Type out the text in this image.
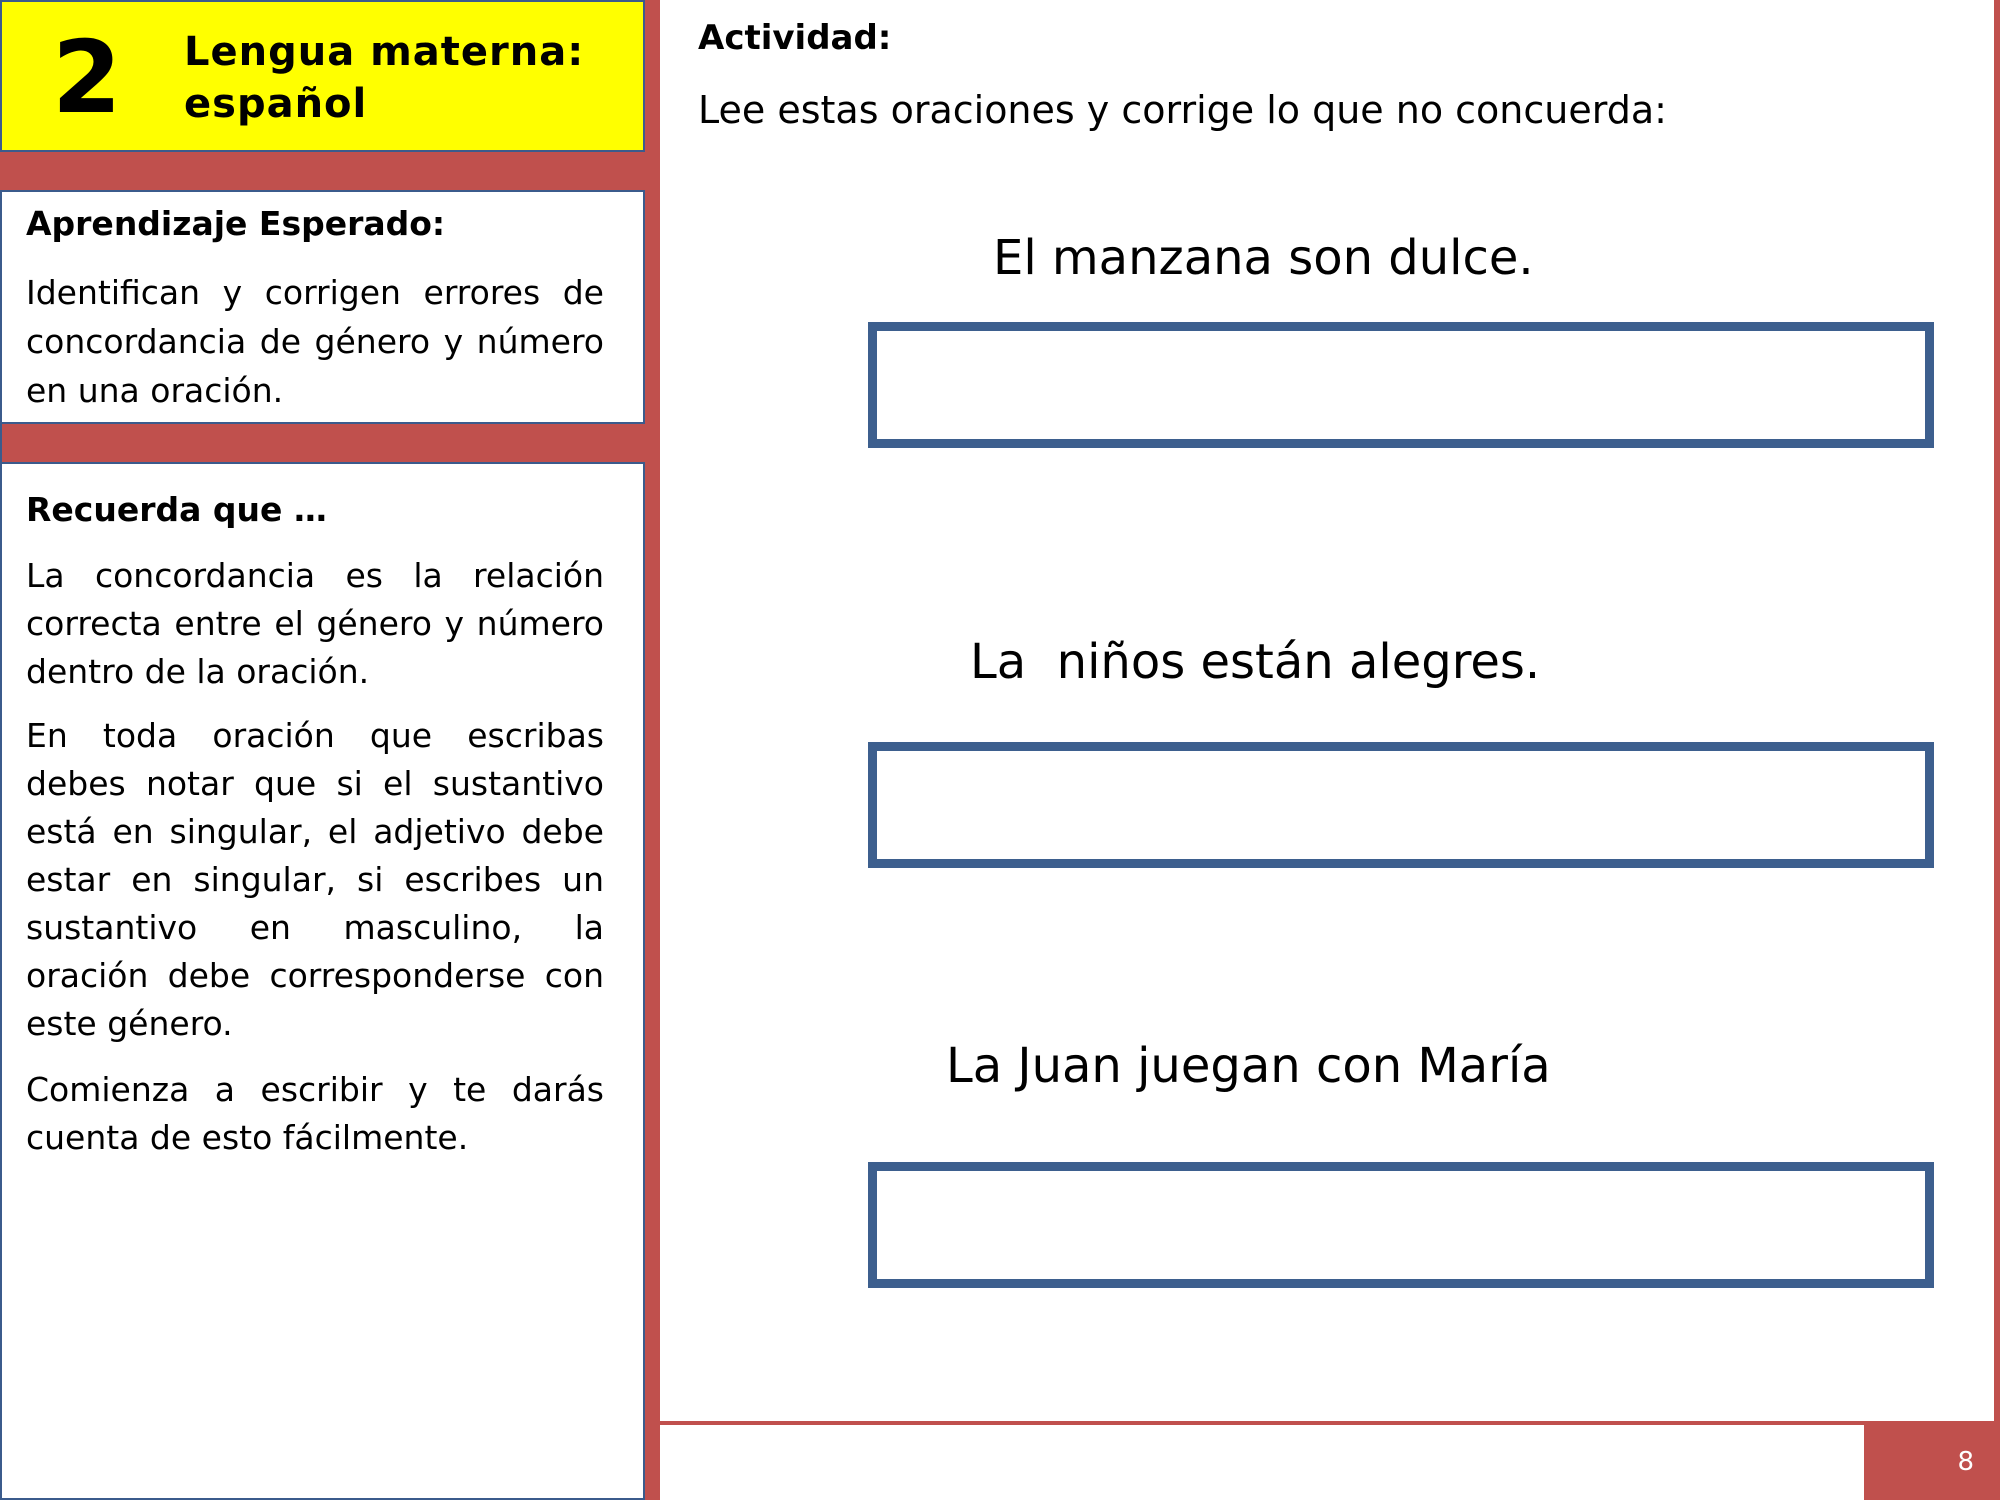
2 Lengua materna:
español
Aprendizaje Esperado:
Identifican y corrigen errores de concordancia de género y número en una oración.
Recuerda que …
La concordancia es la relación correcta entre el género y número dentro de la oración.
En toda oración que escribas debes notar que si el sustantivo está en singular, el adjetivo debe estar en singular, si escribes un sustantivo en masculino, la oración debe corresponderse con este género.
Comienza a escribir y te darás cuenta de esto fácilmente.
Actividad:
Lee estas oraciones y corrige lo que no concuerda:
El manzana son dulce.
La  niños están alegres.
La Juan juegan con María
8
